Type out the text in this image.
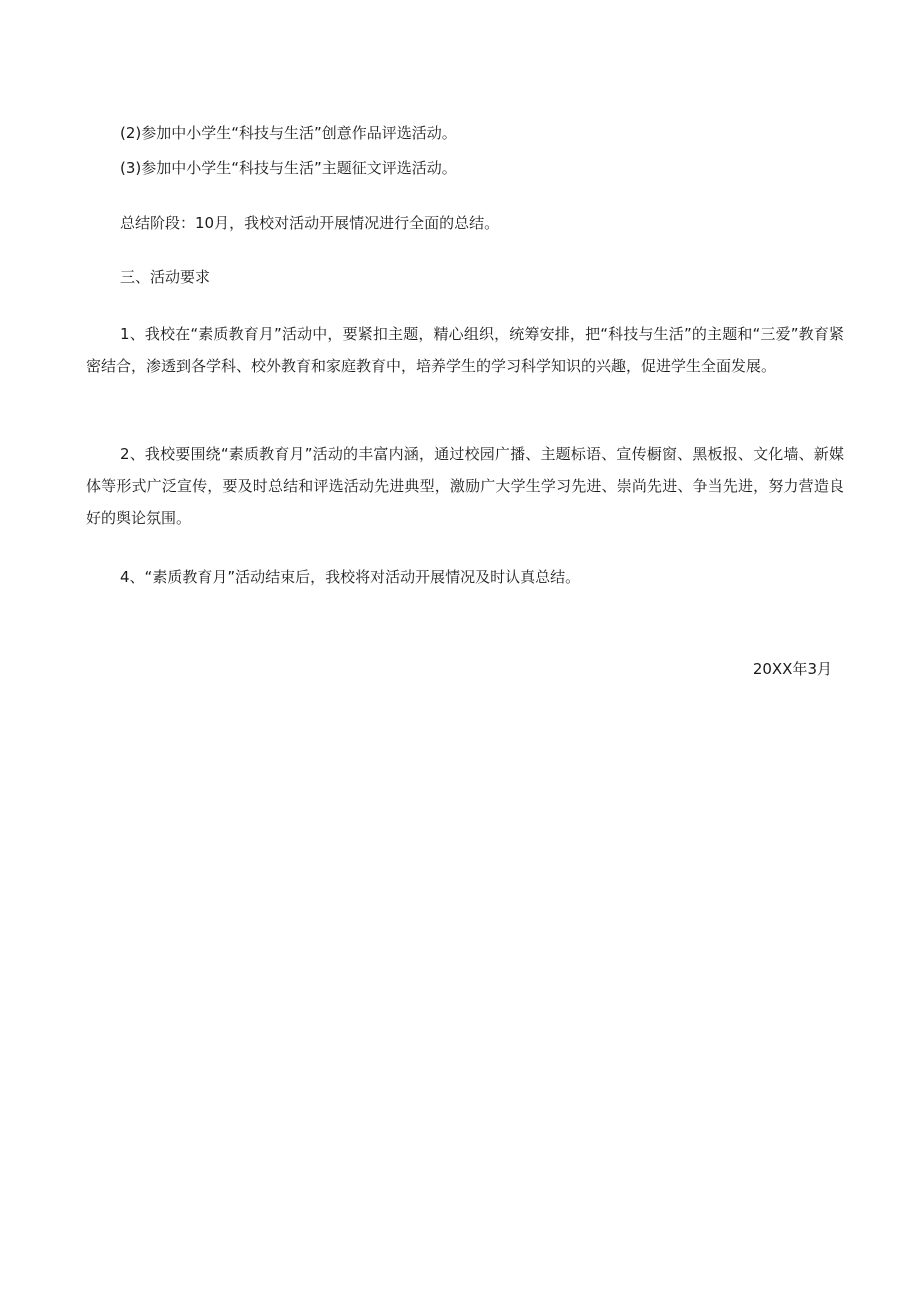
(2)参加中小学生“科技与生活”创意作品评选活动。
(3)参加中小学生“科技与生活”主题征文评选活动。
总结阶段：10月，我校对活动开展情况进行全面的总结。
三、活动要求
1、我校在“素质教育月”活动中，要紧扣主题，精心组织，统筹安排，把“科技与生活”的主题和“三爱”教育紧密结合，渗透到各学科、校外教育和家庭教育中，培养学生的学习科学知识的兴趣，促进学生全面发展。
2、我校要围绕“素质教育月”活动的丰富内涵，通过校园广播、主题标语、宣传橱窗、黑板报、文化墙、新媒体等形式广泛宣传，要及时总结和评选活动先进典型，激励广大学生学习先进、崇尚先进、争当先进，努力营造良好的舆论氛围。
4、“素质教育月”活动结束后，我校将对活动开展情况及时认真总结。
20XX年3月
